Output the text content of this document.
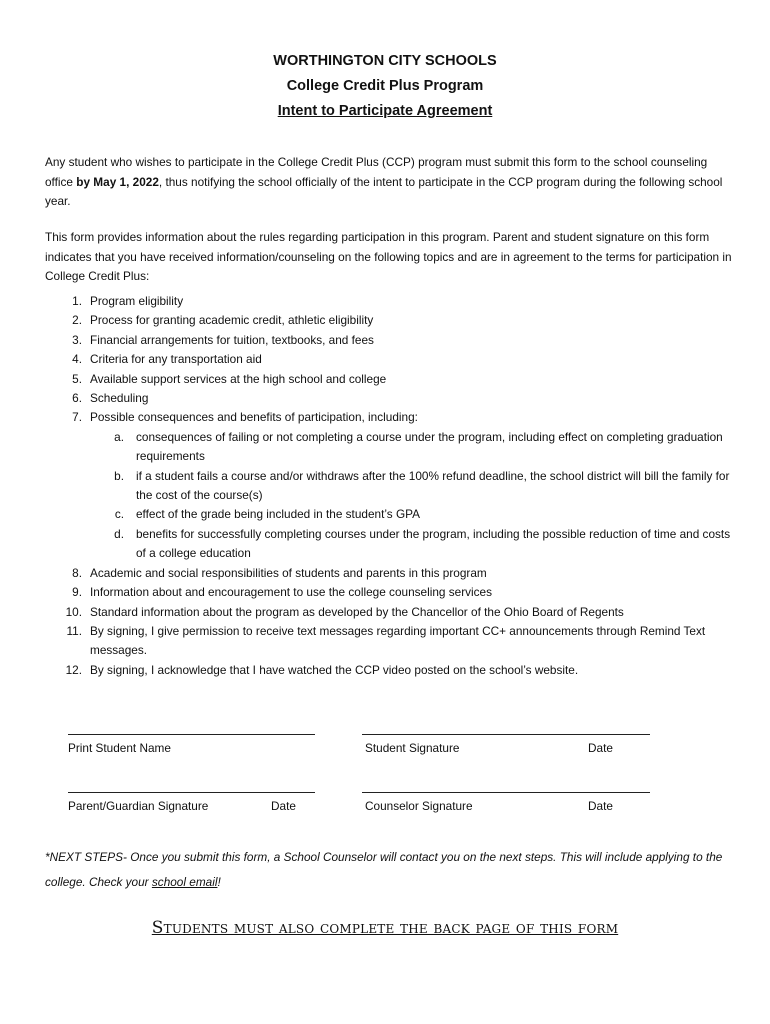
WORTHINGTON CITY SCHOOLS
College Credit Plus Program
Intent to Participate Agreement
Any student who wishes to participate in the College Credit Plus (CCP) program must submit this form to the school counseling office by May 1, 2022, thus notifying the school officially of the intent to participate in the CCP program during the following school year.
This form provides information about the rules regarding participation in this program. Parent and student signature on this form indicates that you have received information/counseling on the following topics and are in agreement to the terms for participation in College Credit Plus:
1. Program eligibility
2. Process for granting academic credit, athletic eligibility
3. Financial arrangements for tuition, textbooks, and fees
4. Criteria for any transportation aid
5. Available support services at the high school and college
6. Scheduling
7. Possible consequences and benefits of participation, including:
a. consequences of failing or not completing a course under the program, including effect on completing graduation requirements
b. if a student fails a course and/or withdraws after the 100% refund deadline, the school district will bill the family for the cost of the course(s)
c. effect of the grade being included in the student’s GPA
d. benefits for successfully completing courses under the program, including the possible reduction of time and costs of a college education
8. Academic and social responsibilities of students and parents in this program
9. Information about and encouragement to use the college counseling services
10. Standard information about the program as developed by the Chancellor of the Ohio Board of Regents
11. By signing, I give permission to receive text messages regarding important CC+ announcements through Remind Text messages.
12. By signing, I acknowledge that I have watched the CCP video posted on the school’s website.
Print Student Name	Student Signature	Date
Parent/Guardian Signature	Date	Counselor Signature	Date
*NEXT STEPS- Once you submit this form, a School Counselor will contact you on the next steps. This will include applying to the college. Check your school email!
Students must also complete the back page of this form
